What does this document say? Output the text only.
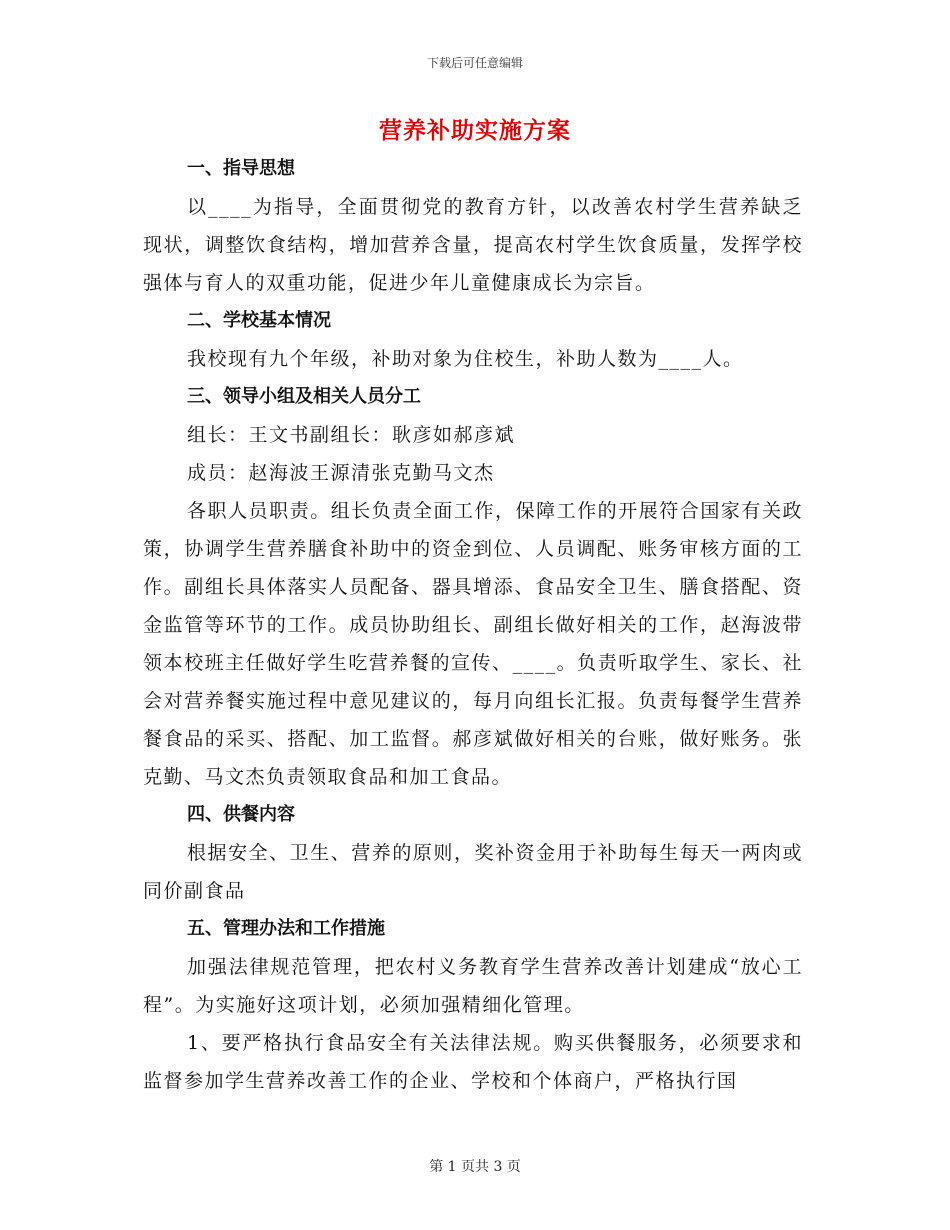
下载后可任意编辑
营养补助实施方案
一、指导思想

以____为指导，全面贯彻党的教育方针，以改善农村学生营养缺乏现状，调整饮食结构，增加营养含量，提高农村学生饮食质量，发挥学校强体与育人的双重功能，促进少年儿童健康成长为宗旨。

二、学校基本情况

我校现有九个年级，补助对象为住校生，补助人数为____人。

三、领导小组及相关人员分工

组长：王文书副组长：耿彦如郝彦斌

成员：赵海波王源清张克勤马文杰

各职人员职责。组长负责全面工作，保障工作的开展符合国家有关政策，协调学生营养膳食补助中的资金到位、人员调配、账务审核方面的工作。副组长具体落实人员配备、器具增添、食品安全卫生、膳食搭配、资金监管等环节的工作。成员协助组长、副组长做好相关的工作，赵海波带领本校班主任做好学生吃营养餐的宣传、____。负责听取学生、家长、社会对营养餐实施过程中意见建议的，每月向组长汇报。负责每餐学生营养餐食品的采买、搭配、加工监督。郝彦斌做好相关的台账，做好账务。张克勤、马文杰负责领取食品和加工食品。

四、供餐内容

根据安全、卫生、营养的原则，奖补资金用于补助每生每天一两肉或同价副食品

五、管理办法和工作措施

加强法律规范管理，把农村义务教育学生营养改善计划建成“放心工程”。为实施好这项计划，必须加强精细化管理。

1、要严格执行食品安全有关法律法规。购买供餐服务，必须要求和监督参加学生营养改善工作的企业、学校和个体商户，严格执行国

第 1 页共 3 页
